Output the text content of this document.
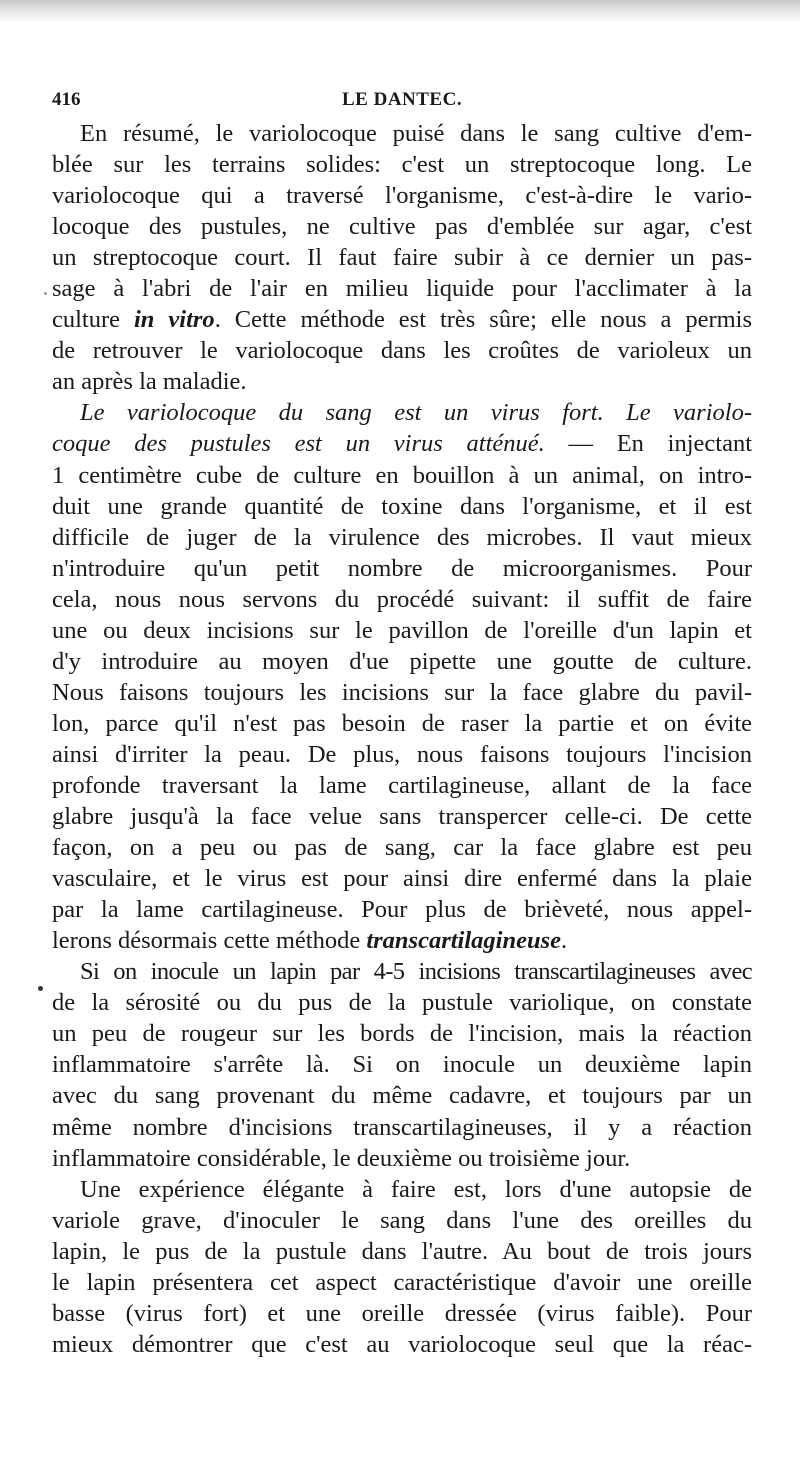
416	LE DANTEC.
En résumé, le variolocoque puisé dans le sang cultive d'em-
blée sur les terrains solides: c'est un streptocoque long. Le
variolocoque qui a traversé l'organisme, c'est-à-dire le vario-
locoque des pustules, ne cultive pas d'emblée sur agar, c'est
un streptocoque court. Il faut faire subir à ce dernier un pas-
sage à l'abri de l'air en milieu liquide pour l'acclimater à la
culture in vitro. Cette méthode est très sûre; elle nous a permis
de retrouver le variolocoque dans les croûtes de varioleux un
an après la maladie.
Le variolocoque du sang est un virus fort. Le variolo-
coque des pustules est un virus atténué. — En injectant
1 centimètre cube de culture en bouillon à un animal, on intro-
duit une grande quantité de toxine dans l'organisme, et il est
difficile de juger de la virulence des microbes. Il vaut mieux
n'introduire qu'un petit nombre de microorganismes. Pour
cela, nous nous servons du procédé suivant: il suffit de faire
une ou deux incisions sur le pavillon de l'oreille d'un lapin et
d'y introduire au moyen d'ue pipette une goutte de culture.
Nous faisons toujours les incisions sur la face glabre du pavil-
lon, parce qu'il n'est pas besoin de raser la partie et on évite
ainsi d'irriter la peau. De plus, nous faisons toujours l'incision
profonde traversant la lame cartilagineuse, allant de la face
glabre jusqu'à la face velue sans transpercer celle-ci. De cette
façon, on a peu ou pas de sang, car la face glabre est peu
vasculaire, et le virus est pour ainsi dire enfermé dans la plaie
par la lame cartilagineuse. Pour plus de brièveté, nous appel-
lerons désormais cette méthode transcartilagineuse.
Si on inocule un lapin par 4-5 incisions transcartilagineuses avec
de la sérosité ou du pus de la pustule variolique, on constate
un peu de rougeur sur les bords de l'incision, mais la réaction
inflammatoire s'arrête là. Si on inocule un deuxième lapin
avec du sang provenant du même cadavre, et toujours par un
même nombre d'incisions transcartilagineuses, il y a réaction
inflammatoire considérable, le deuxième ou troisième jour.
Une expérience élégante à faire est, lors d'une autopsie de
variole grave, d'inoculer le sang dans l'une des oreilles du
lapin, le pus de la pustule dans l'autre. Au bout de trois jours
le lapin présentera cet aspect caractéristique d'avoir une oreille
basse (virus fort) et une oreille dressée (virus faible). Pour
mieux démontrer que c'est au variolocoque seul que la réac-
